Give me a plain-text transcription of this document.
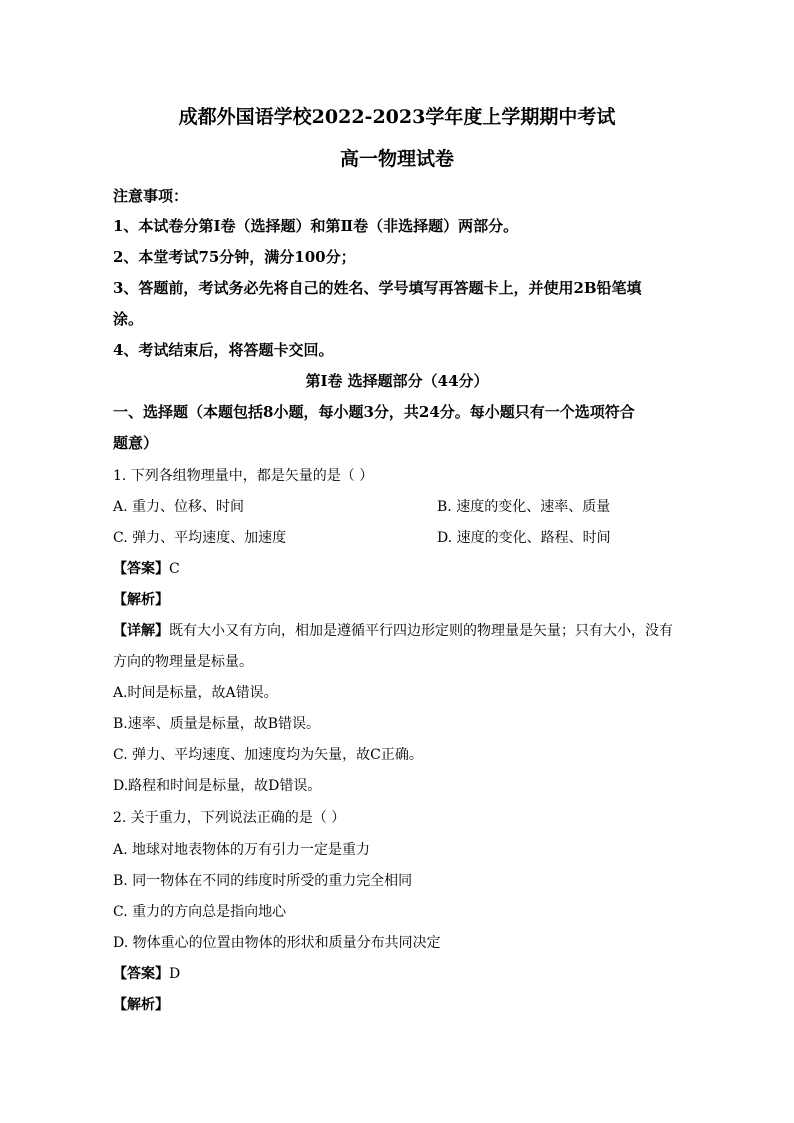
成都外国语学校2022-2023学年度上学期期中考试
高一物理试卷
注意事项：
1、本试卷分第Ⅰ卷（选择题）和第Ⅱ卷（非选择题）两部分。
2、本堂考试75分钟，满分100分；
3、答题前，考试务必先将自己的姓名、学号填写再答题卡上，并使用2B铅笔填
涂。
4、考试结束后，将答题卡交回。
第Ⅰ卷 选择题部分（44分）
一、选择题（本题包括8小题，每小题3分，共24分。每小题只有一个选项符合
题意）
1. 下列各组物理量中，都是矢量的是（ ）
A. 重力、位移、时间	B. 速度的变化、速率、质量
C. 弹力、平均速度、加速度	D. 速度的变化、路程、时间
【答案】C
【解析】
【详解】既有大小又有方向，相加是遵循平行四边形定则的物理量是矢量；只有大小，没有
方向的物理量是标量。
A.时间是标量，故A错误。
B.速率、质量是标量，故B错误。
C. 弹力、平均速度、加速度均为矢量，故C正确。
D.路程和时间是标量，故D错误。
2. 关于重力，下列说法正确的是（ ）
A. 地球对地表物体的万有引力一定是重力
B. 同一物体在不同的纬度时所受的重力完全相同
C. 重力的方向总是指向地心
D. 物体重心的位置由物体的形状和质量分布共同决定
【答案】D
【解析】
